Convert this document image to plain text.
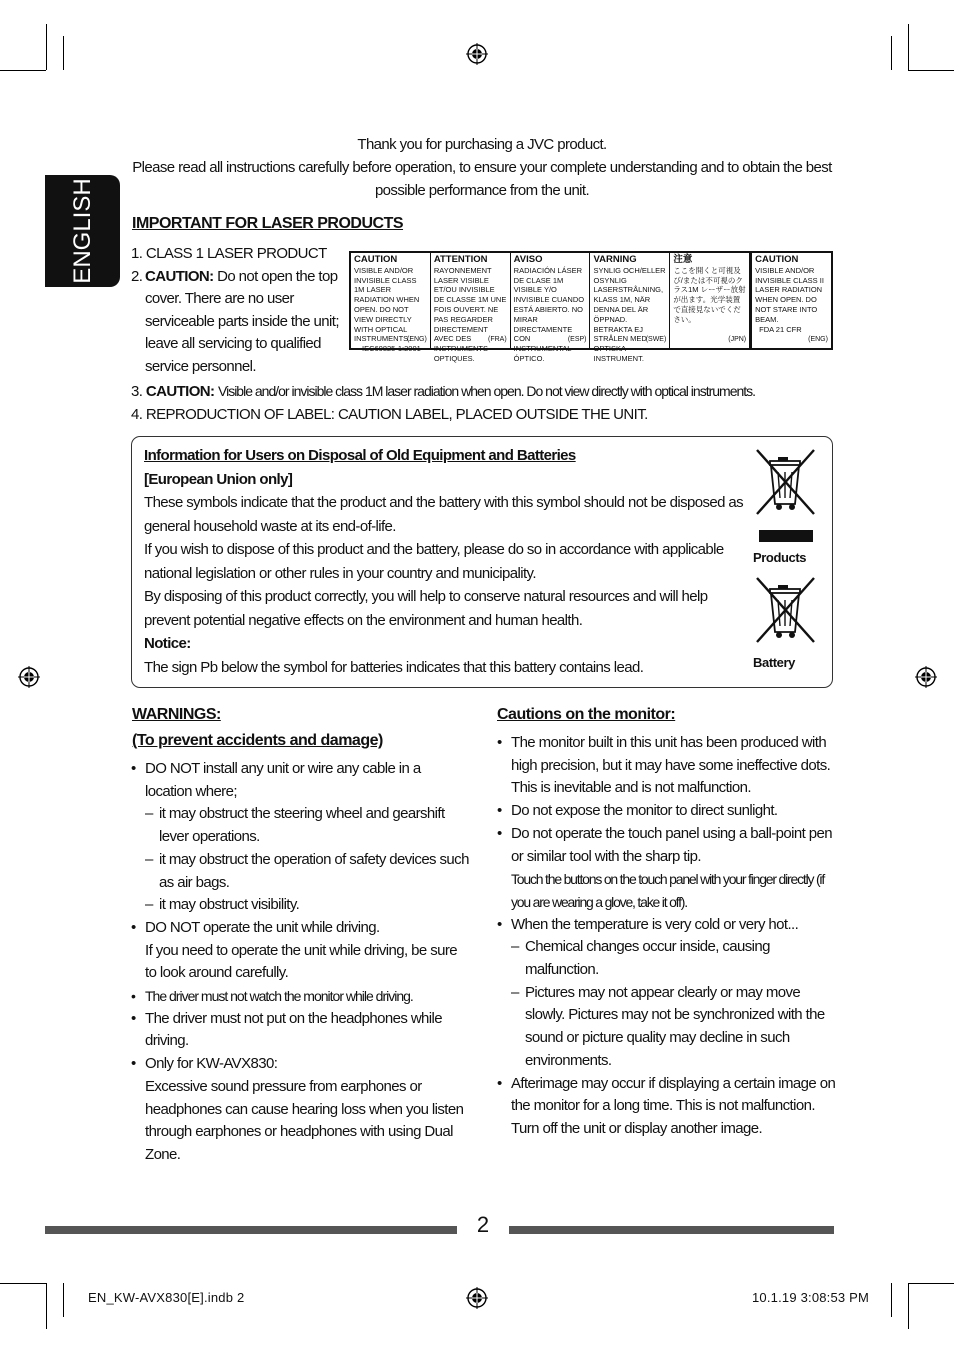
Thank you for purchasing a JVC product.
Please read all instructions carefully before operation, to ensure your complete understanding and to obtain the best possible performance from the unit.
ENGLISH IMPORTANT FOR LASER PRODUCTS
1. CLASS 1 LASER PRODUCT
2. CAUTION: Do not open the top cover. There are no user serviceable parts inside the unit; leave all servicing to qualified service personnel.
3. CAUTION: Visible and/or invisible class 1M laser radiation when open. Do not view directly with optical instruments.
4. REPRODUCTION OF LABEL: CAUTION LABEL, PLACED OUTSIDE THE UNIT.
CAUTION
VISIBLE AND/OR INVISIBLE CLASS 1M LASER RADIATION WHEN OPEN. DO NOT VIEW DIRECTLY WITH OPTICAL INSTRUMENTS.
IEC60825-1:2001
(ENG)
ATTENTION
RAYONNEMENT LASER VISIBLE ET/OU INVISIBLE DE CLASSE 1M UNE FOIS OUVERT. NE PAS REGARDER DIRECTEMENT AVEC DES INSTRUMENTS OPTIQUES.
(FRA)
AVISO
RADIACIÓN LÁSER DE CLASE 1M VISIBLE Y/O INVISIBLE CUANDO ESTÁ ABIERTO. NO MIRAR DIRECTAMENTE CON INSTRUMENTAL ÓPTICO.
(ESP)
VARNING
SYNLIG OCH/ELLER OSYNLIG LASERSTRÅLNING, KLASS 1M, NÄR DENNA DEL ÄR ÖPPNAD. BETRAKTA EJ STRÅLEN MED OPTISKA INSTRUMENT.
(SWE)
注意
ここを開くと可視及び/または不可視のクラス1M レーザー放射が出ます。光学装置で直接見ないでください。
(JPN)
CAUTION
VISIBLE AND/OR INVISIBLE CLASS II LASER RADIATION WHEN OPEN. DO NOT STARE INTO BEAM.
FDA 21 CFR
(ENG)
Information for Users on Disposal of Old Equipment and Batteries
[European Union only]
These symbols indicate that the product and the battery with this symbol should not be disposed as general household waste at its end-of-life.
If you wish to dispose of this product and the battery, please do so in accordance with applicable national legislation or other rules in your country and municipality.
By disposing of this product correctly, you will help to conserve natural resources and will help prevent potential negative effects on the environment and human health.
Notice:
The sign Pb below the symbol for batteries indicates that this battery contains lead.
Products
Battery
WARNINGS:
(To prevent accidents and damage)
• DO NOT install any unit or wire any cable in a location where;
– it may obstruct the steering wheel and gearshift lever operations.
– it may obstruct the operation of safety devices such as air bags.
– it may obstruct visibility.
• DO NOT operate the unit while driving.
If you need to operate the unit while driving, be sure to look around carefully.
• The driver must not watch the monitor while driving.
• The driver must not put on the headphones while driving.
• Only for KW-AVX830:
Excessive sound pressure from earphones or headphones can cause hearing loss when you listen through earphones or headphones with using Dual Zone.
Cautions on the monitor:
• The monitor built in this unit has been produced with high precision, but it may have some ineffective dots. This is inevitable and is not malfunction.
• Do not expose the monitor to direct sunlight.
• Do not operate the touch panel using a ball-point pen or similar tool with the sharp tip.
Touch the buttons on the touch panel with your finger directly (if you are wearing a glove, take it off).
• When the temperature is very cold or very hot...
– Chemical changes occur inside, causing malfunction.
– Pictures may not appear clearly or may move slowly. Pictures may not be synchronized with the sound or picture quality may decline in such environments.
• Afterimage may occur if displaying a certain image on the monitor for a long time. This is not malfunction. Turn off the unit or display another image.
2
EN_KW-AVX830[E].indb 2	10.1.19 3:08:53 PM
